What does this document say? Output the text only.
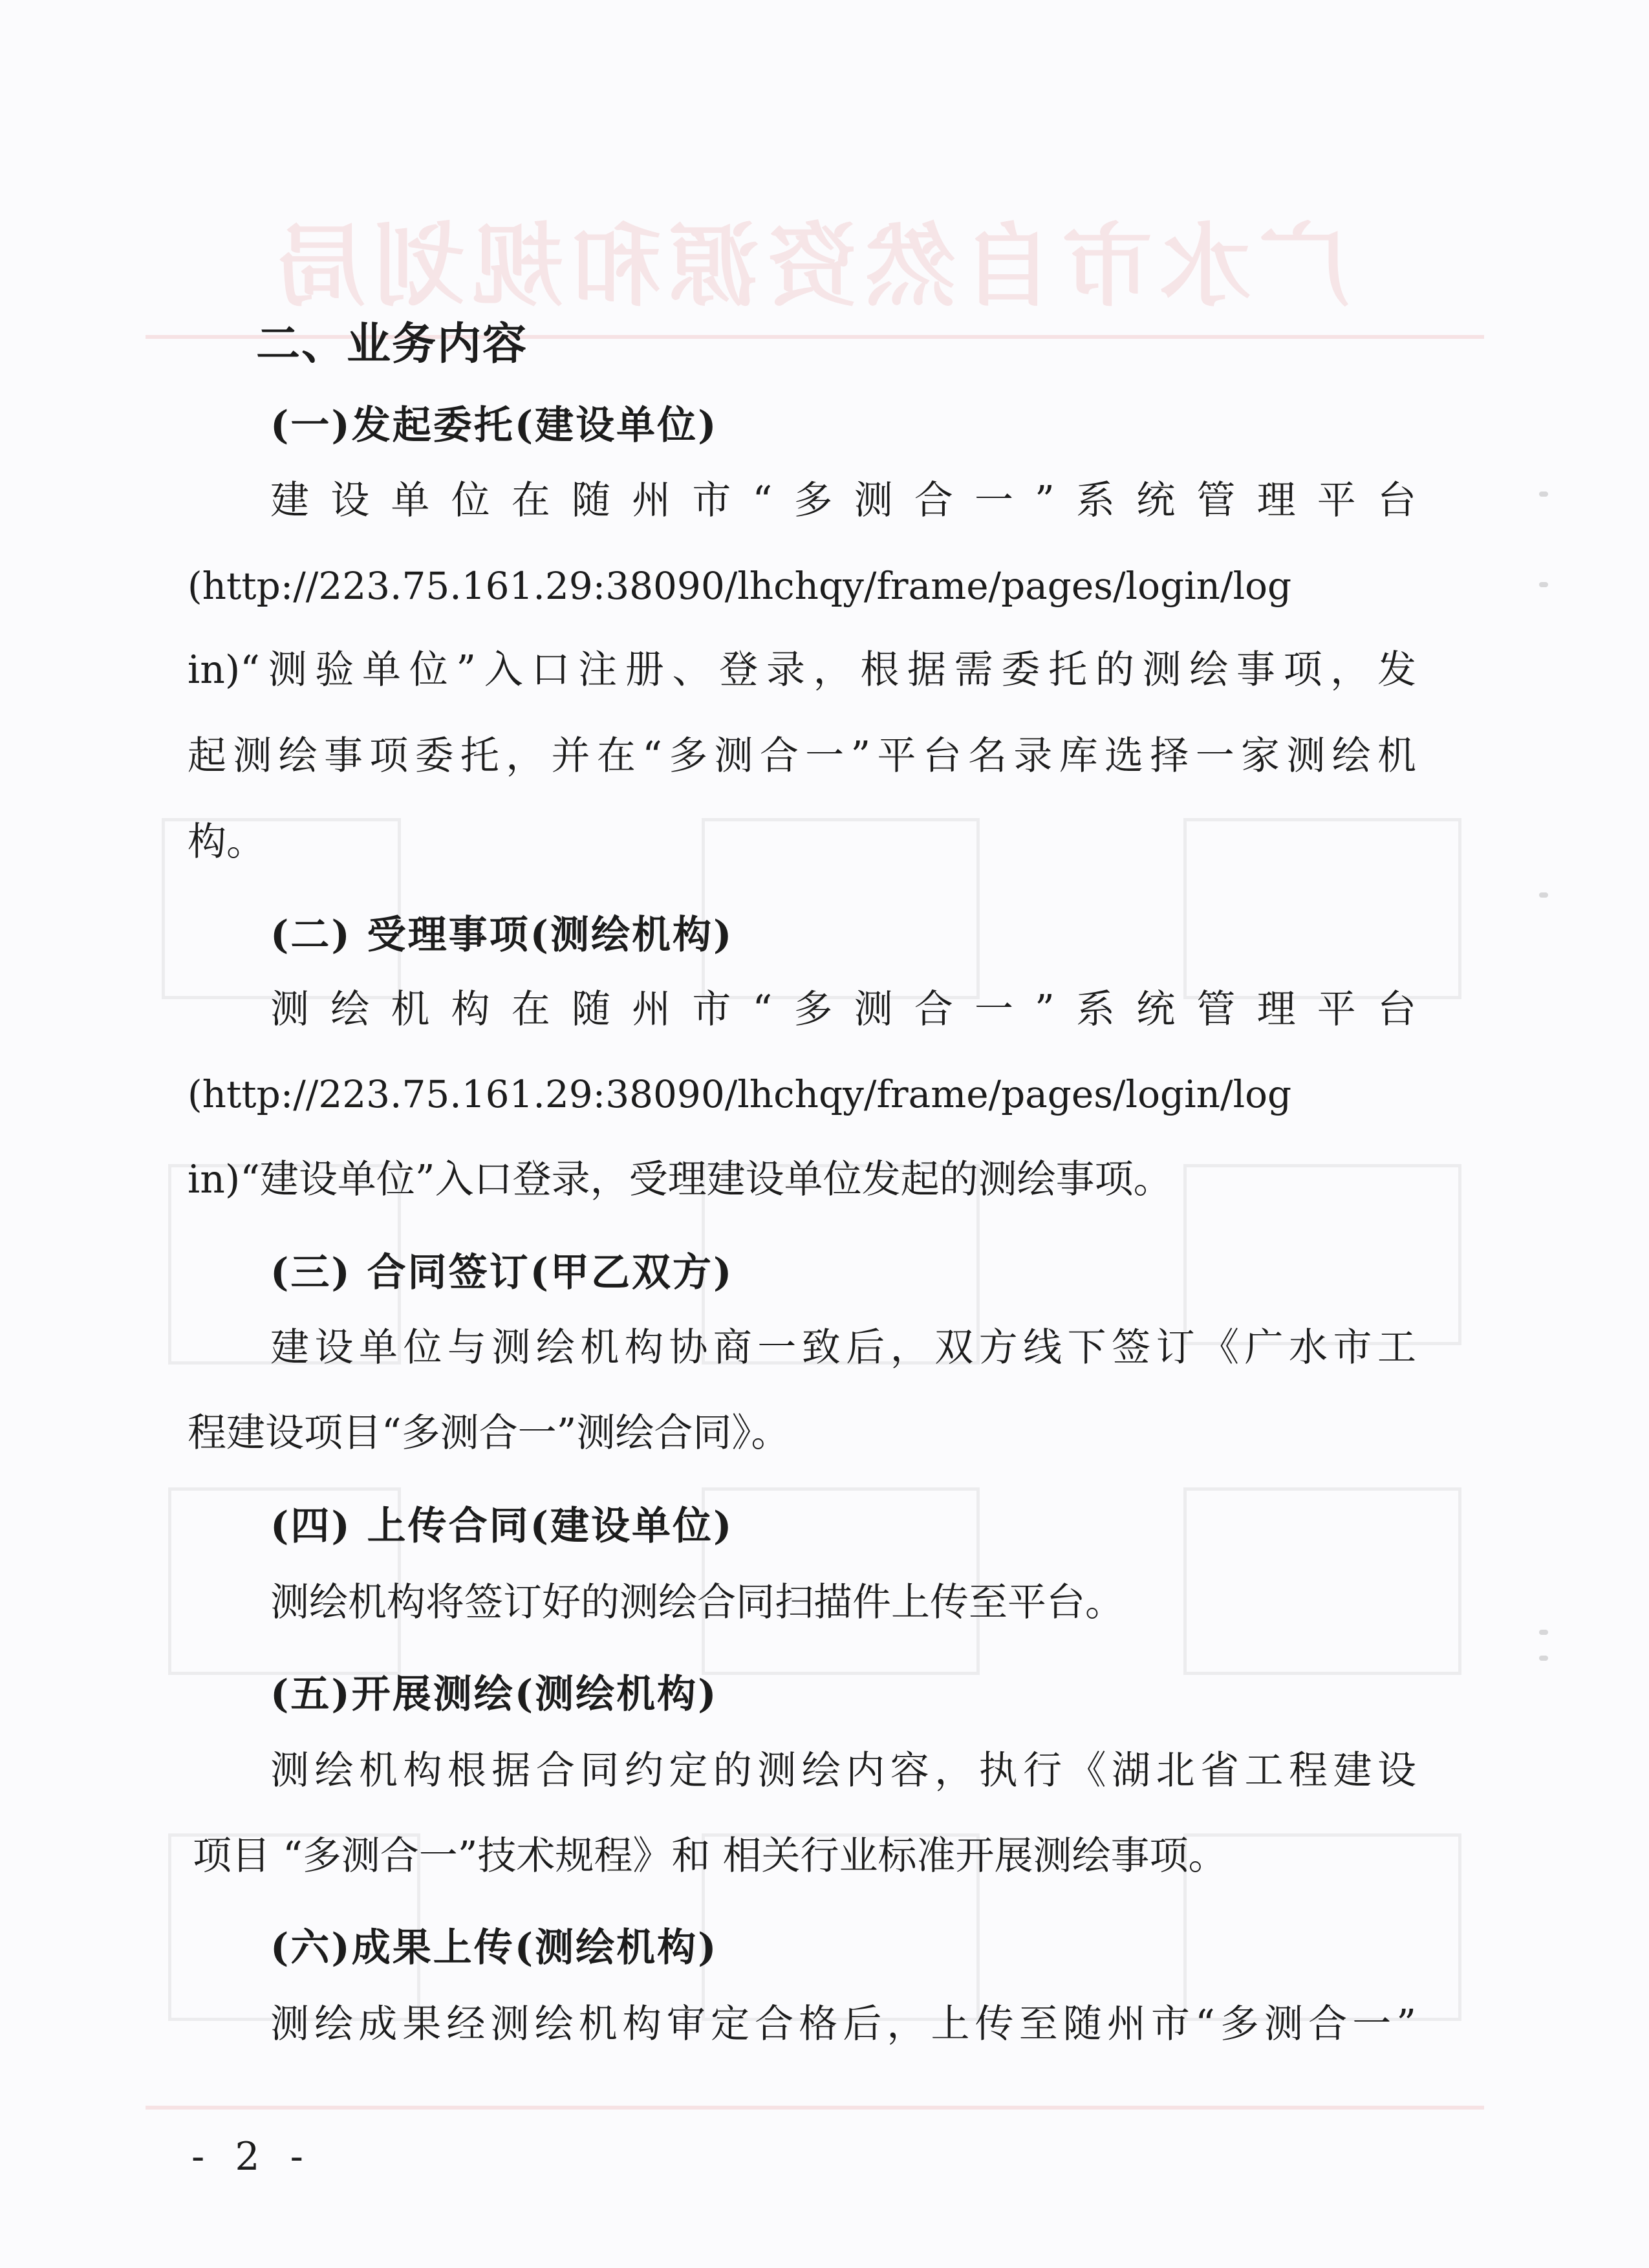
广水市自然资源和规划局
二、业务内容
(一)发起委托(建设单位)
建设单位在随州市“多测合一”系统管理平台
(http://223.75.161.29:38090/lhchqy/frame/pages/login/log
in)“测验单位”入口注册、登录，根据需委托的测绘事项，发
起测绘事项委托，并在“多测合一”平台名录库选择一家测绘机
构。
(二) 受理事项(测绘机构)
测绘机构在随州市“多测合一”系统管理平台
(http://223.75.161.29:38090/lhchqy/frame/pages/login/log
in)“建设单位”入口登录，受理建设单位发起的测绘事项。
(三) 合同签订(甲乙双方)
建设单位与测绘机构协商一致后，双方线下签订《广水市工
程建设项目“多测合一”测绘合同》。
(四) 上传合同(建设单位)
测绘机构将签订好的测绘合同扫描件上传至平台。
(五)开展测绘(测绘机构)
测绘机构根据合同约定的测绘内容，执行《湖北省工程建设
项目 “多测合一”技术规程》和 相关行业标准开展测绘事项。
(六)成果上传(测绘机构)
测绘成果经测绘机构审定合格后，上传至随州市“多测合一”
- 2 -
